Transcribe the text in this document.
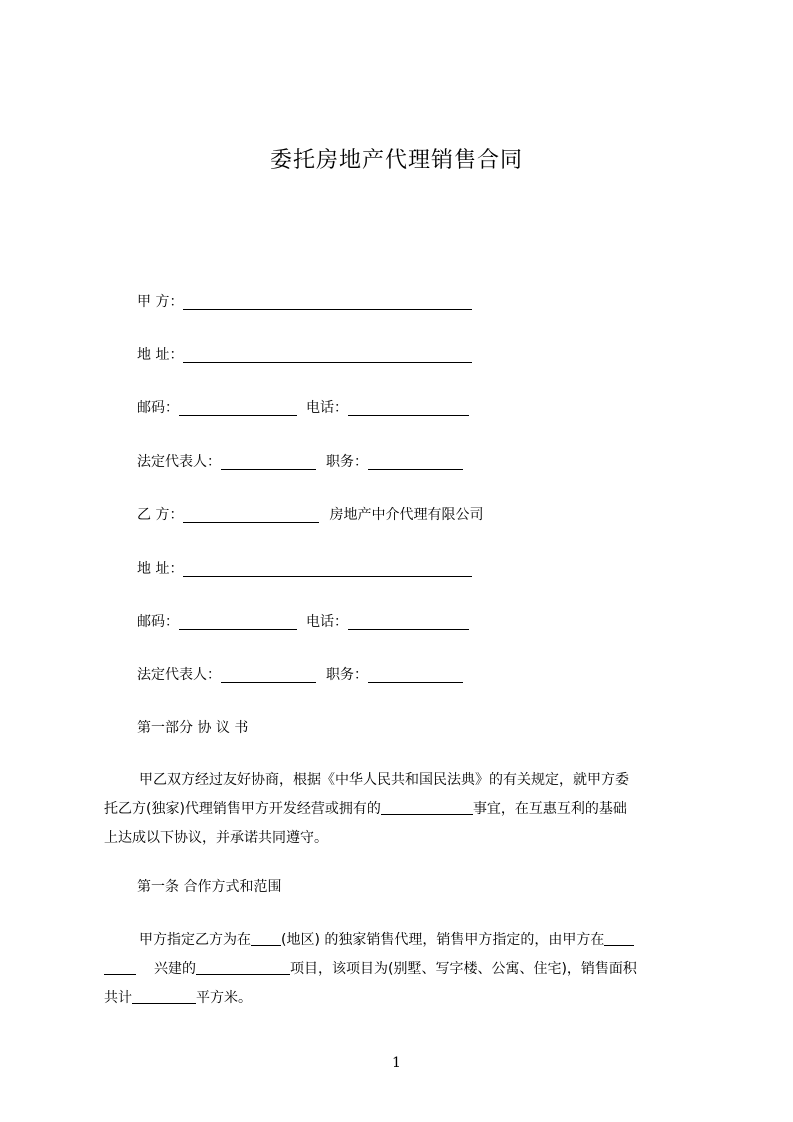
委托房地产代理销售合同
甲 方：
地 址：
邮码：	电话：
法定代表人：	职务：
乙 方：	房地产中介代理有限公司
地 址：
邮码：	电话：
法定代表人：	职务：
第一部分 协 议 书
甲乙双方经过友好协商，根据《中华人民共和国民法典》的有关规定，就甲方委
托乙方(独家)代理销售甲方开发经营或拥有的	事宜，在互惠互利的基础
上达成以下协议，并承诺共同遵守。
第一条 合作方式和范围
甲方指定乙方为在 (地区) 的独家销售代理，销售甲方指定的，由甲方在
兴建的	项目，该项目为(别墅、写字楼、公寓、住宅)，销售面积
共计	平方米。
1
